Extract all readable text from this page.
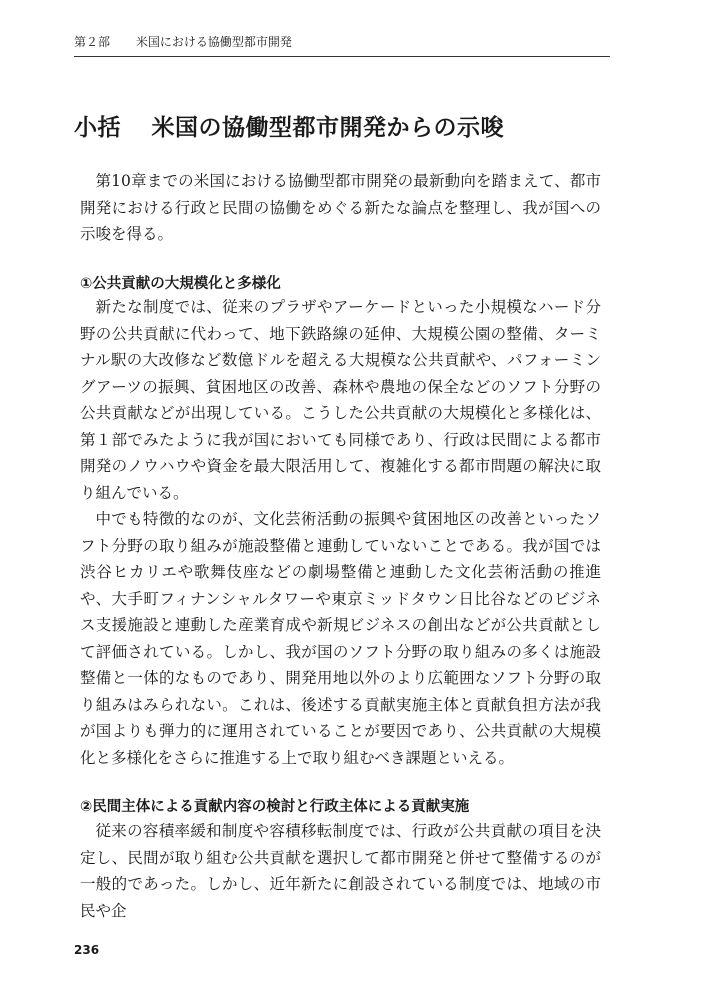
第２部 米国における協働型都市開発
小括 米国の協働型都市開発からの示唆

第10章までの米国における協働型都市開発の最新動向を踏まえて、都市開発における行政と民間の協働をめぐる新たな論点を整理し、我が国への示唆を得る。

①公共貢献の大規模化と多様化

新たな制度では、従来のプラザやアーケードといった小規模なハード分野の公共貢献に代わって、地下鉄路線の延伸、大規模公園の整備、ターミナル駅の大改修など数億ドルを超える大規模な公共貢献や、パフォーミングアーツの振興、貧困地区の改善、森林や農地の保全などのソフト分野の公共貢献などが出現している。こうした公共貢献の大規模化と多様化は、第１部でみたように我が国においても同様であり、行政は民間による都市開発のノウハウや資金を最大限活用して、複雑化する都市問題の解決に取り組んでいる。

中でも特徴的なのが、文化芸術活動の振興や貧困地区の改善といったソフト分野の取り組みが施設整備と連動していないことである。我が国では渋谷ヒカリエや歌舞伎座などの劇場整備と連動した文化芸術活動の推進や、大手町フィナンシャルタワーや東京ミッドタウン日比谷などのビジネス支援施設と連動した産業育成や新規ビジネスの創出などが公共貢献として評価されている。しかし、我が国のソフト分野の取り組みの多くは施設整備と一体的なものであり、開発用地以外のより広範囲なソフト分野の取り組みはみられない。これは、後述する貢献実施主体と貢献負担方法が我が国よりも弾力的に運用されていることが要因であり、公共貢献の大規模化と多様化をさらに推進する上で取り組むべき課題といえる。

②民間主体による貢献内容の検討と行政主体による貢献実施

従来の容積率緩和制度や容積移転制度では、行政が公共貢献の項目を決定し、民間が取り組む公共貢献を選択して都市開発と併せて整備するのが一般的であった。しかし、近年新たに創設されている制度では、地域の市民や企

236
